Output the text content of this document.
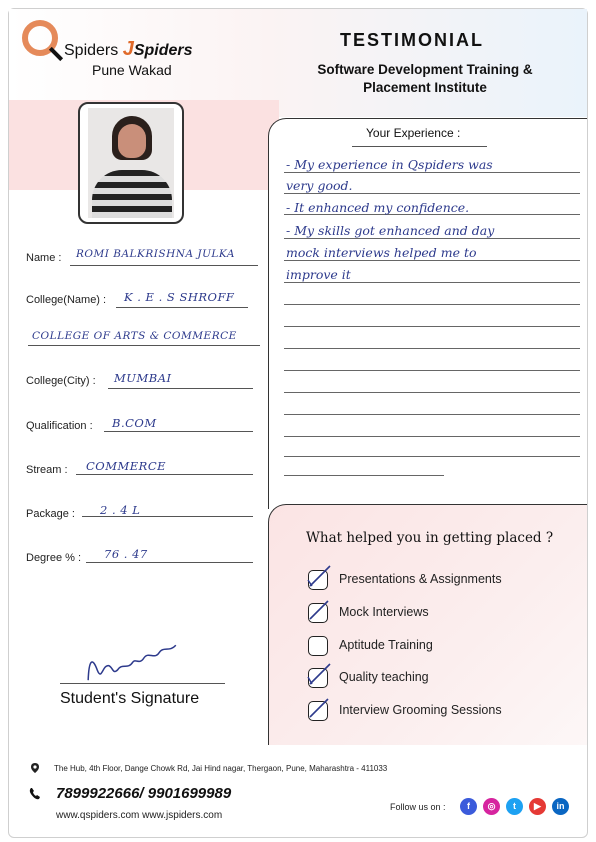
Spiders JSpiders
Pune Wakad
TESTIMONIAL
Software Development Training &
Placement Institute
Name : ROMI BALKRISHNA JULKA
College(Name) : K . E . S SHROFF
COLLEGE OF ARTS & COMMERCE
College(City) : MUMBAI
Qualification : B.COM
Stream : COMMERCE
Package : 2 . 4 L
Degree % : 76 . 47
Student's Signature
Your Experience :
- My experience in Qspiders was
very good.
- It enhanced my confidence.
- My skills got enhanced and day
mock interviews helped me to
improve it
What helped you in getting placed ?
Presentations & Assignments
Mock Interviews
Aptitude Training
Quality teaching
Interview Grooming Sessions
The Hub, 4th Floor, Dange Chowk Rd, Jai Hind nagar, Thergaon, Pune, Maharashtra - 411033
7899922666/ 9901699989
www.qspiders.com www.jspiders.com
Follow us on :	f	◎	t	▶	in
